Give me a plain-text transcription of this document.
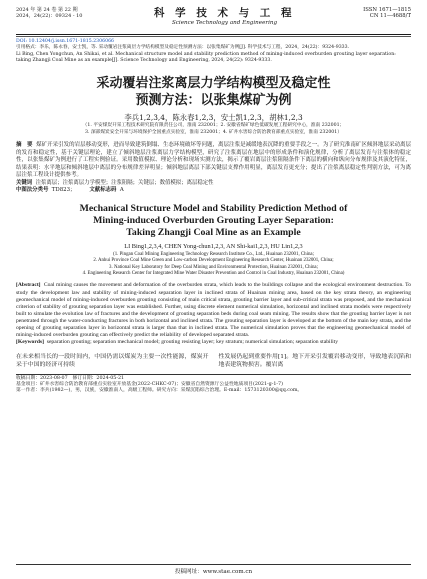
2024 年 第 24 卷 第 22 期
2024，24(22)：09324 - 10	科 学 技 术 与 工 程
Science Technology and Engineering
ISSN 1671—1815
CN 11—4688/T
DOI: 10.12404/j.issn.1671-1815.2306066
引用格式：李乐，陈永春，安士凯，等. 采动覆岩注浆离层力学结构模型及稳定性预测方法：以张集煤矿为例[J]. 科学技术与工程，2024，24(22)：9324-9333.
Li Bing, Chen Yongchun, An Shikai, et al. Mechanical structure model and stability prediction method of mining-induced overburden grouting layer separation: taking Zhangji Coal Mine as an example[J]. Science Technology and Engineering, 2024, 24(22): 9324-9333.
采动覆岩注浆离层力学结构模型及稳定性
预测方法：以张集煤矿为例
李兵1,2,3,4，陈永春1,2,3，安士凯1,2,3，胡林1,2,3
（1. 平安煤炭开采工程技术研究院有限责任公司，淮南 232001；2. 安徽省煤矿绿色低碳发展工程研究中心，淮南 232001；
3. 深部煤炭安全开采与环境保护全国重点实验室，淮南 232001；4. 矿井水害综合防治教育部重点实验室，淮南 232001）
摘　要 煤矿开采引发的岩层移动变形，进而导致建筑倒塌、生态环境破坏等问题，离层注浆是减缓地表沉降的重要手段之一。为了研究淮南矿区倾斜地层采动离层的发育和稳定性，基于关键层理论，建立了倾斜地层注浆离层力学结构模型，研究了注浆离层在地层中的形成条件和演化规律，分析了离层发育与注浆体的稳定性，以张集煤矿为例进行了工程实例验证。采用数值模拟、理论分析和现场实测方法，揭示了覆岩离层注浆阻隔条件下离层的横向和纵向分布规律及其演化特征，结果表明：水平地层和倾斜地层中离层的分布规律差异明显；倾斜地层离层下部关键层支撑作用明显，离层发育更充分；提出了注浆离层稳定性判别方法，可为离层注浆工程设计提供参考。
关键词 注浆离层；注浆离层力学模型；注浆阻隔；关键层；数值模拟；离层稳定性
中图法分类号 TD823；	文献标志码 A
Mechanical Structure Model and Stability Prediction Method of
Mining-induced Overburden Grouting Layer Separation:
Taking Zhangji Coal Mine as an Example
LI Bing1,2,3,4, CHEN Yong-chun1,2,3, AN Shi-kai1,2,3, HU Lin1,2,3
(1. Pingan Coal Mining Engineering Technology Research Institute Co., Ltd., Huainan 232001, China;
2. Anhui Province Coal Mine Green and Low-carbon Development Engineering Research Center, Huainan 232001, China;
3. National Key Laboratory for Deep Coal Mining and Environmental Protection, Huainan 232001, China;
4. Engineering Research Center for Integrated Mine Water Disaster Prevention and Control in Coal Industry, Huainan 232001, China)
[Abstract] Coal mining causes the movement and deformation of the overburden strata, which leads to the buildings collapse and the ecological environment destruction. To study the development law and stability of mining-induced separation layer in inclined strata of Huainan mining area, based on the key strata theory, an engineering geomechanical model of mining-induced overburden grouting consisting of main critical strata, grouting barrier layer and sub-critical strata was proposed, and the mechanical criterion of stability of grouting separation layer was established. Further, using discrete element numerical simulation, horizontal and inclined strata models were respectively built to simulate the evolution law of fractures and the development of grouting separation beds during coal seam mining. The results show that the grouting barrier layer is not penetrated through the water-conducting fractures in both horizontal and inclined strata. The grouting separation layer is developed at the bottom of the main key strata, and the opening of grouting separation layer in horizontal strata is larger than that in inclined strata. The numerical simulation proves that the engineering geomechanical model of mining-induced overburden grouting can effectively predict the reliability of developed separated strata.
[Keywords] separation grouting; separation mechanical model; grouting resisting layer; key stratum; numerical simulation; separation stability
在未来相当长的一段时间内，中国仍需以煤炭为主要一次性能源，煤炭开采于中国的经济可持续
性发展仍起到重要作用[1]。地下开采引发覆岩移动变形，导致地表沉陷和地表建筑物损害。覆岩离
收稿日期：2023-08-07　修订日期：2024-05-21
基金项目：矿井水害综合防治教育部重点实验室开放基金(2022-CHKC-07)；安徽省自然资源厅公益性地质项目(2021-g-1-7)
第一作者：李兵(1982—)，男，汉族，安徽淮南人，高级工程师。研究方向：采煤沉陷综合治理。E-mail：1573120300@qq.com。
投稿网址：www.stae.com.cn
